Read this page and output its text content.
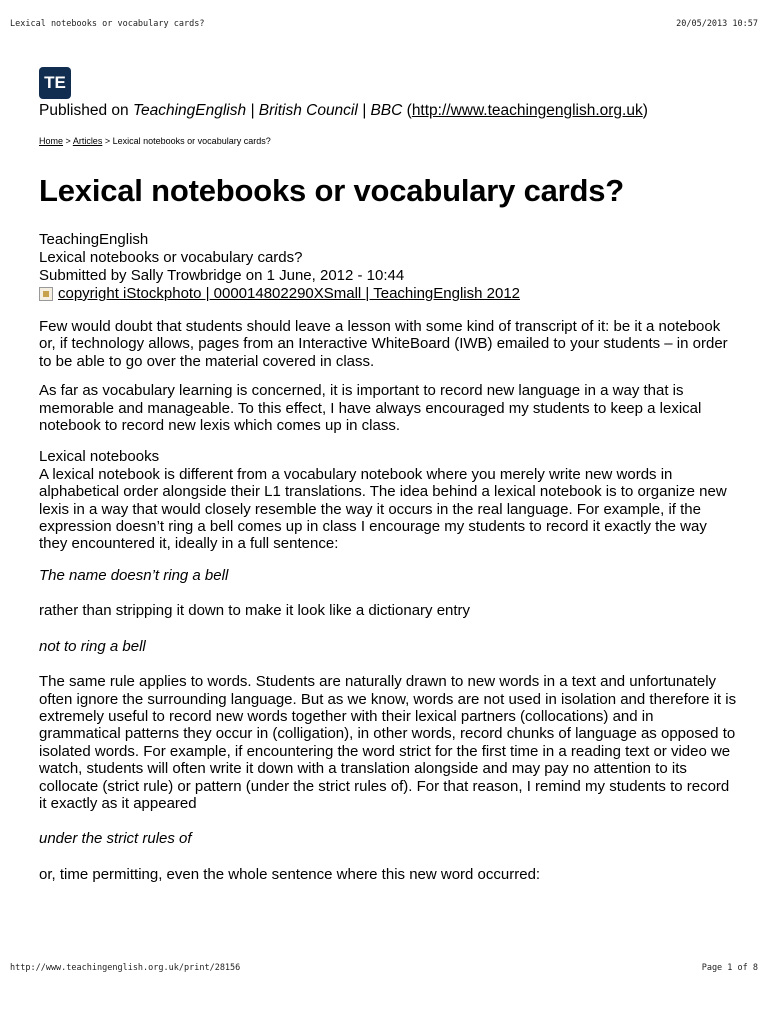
Lexical notebooks or vocabulary cards?	20/05/2013 10:57
TE
Published on TeachingEnglish | British Council | BBC (http://www.teachingenglish.org.uk)
Home > Articles > Lexical notebooks or vocabulary cards?
Lexical notebooks or vocabulary cards?
TeachingEnglish
Lexical notebooks or vocabulary cards?
Submitted by Sally Trowbridge on 1 June, 2012 - 10:44
copyright iStockphoto | 000014802290XSmall | TeachingEnglish 2012

Few would doubt that students should leave a lesson with some kind of transcript of it: be it a notebook or, if technology allows, pages from an Interactive WhiteBoard (IWB) emailed to your students – in order to be able to go over the material covered in class.

As far as vocabulary learning is concerned, it is important to record new language in a way that is memorable and manageable. To this effect, I have always encouraged my students to keep a lexical notebook to record new lexis which comes up in class.

Lexical notebooks

A lexical notebook is different from a vocabulary notebook where you merely write new words in alphabetical order alongside their L1 translations. The idea behind a lexical notebook is to organize new lexis in a way that would closely resemble the way it occurs in the real language. For example, if the expression doesn’t ring a bell comes up in class I encourage my students to record it exactly the way they encountered it, ideally in a full sentence:

The name doesn’t ring a bell

rather than stripping it down to make it look like a dictionary entry

not to ring a bell

The same rule applies to words. Students are naturally drawn to new words in a text and unfortunately often ignore the surrounding language. But as we know, words are not used in isolation and therefore it is extremely useful to record new words together with their lexical partners (collocations) and in grammatical patterns they occur in (colligation), in other words, record chunks of language as opposed to isolated words. For example, if encountering the word strict for the first time in a reading text or video we watch, students will often write it down with a translation alongside and may pay no attention to its collocate (strict rule) or pattern (under the strict rules of). For that reason, I remind my students to record it exactly as it appeared

under the strict rules of

or, time permitting, even the whole sentence where this new word occurred:

http://www.teachingenglish.org.uk/print/28156	Page 1 of 8
